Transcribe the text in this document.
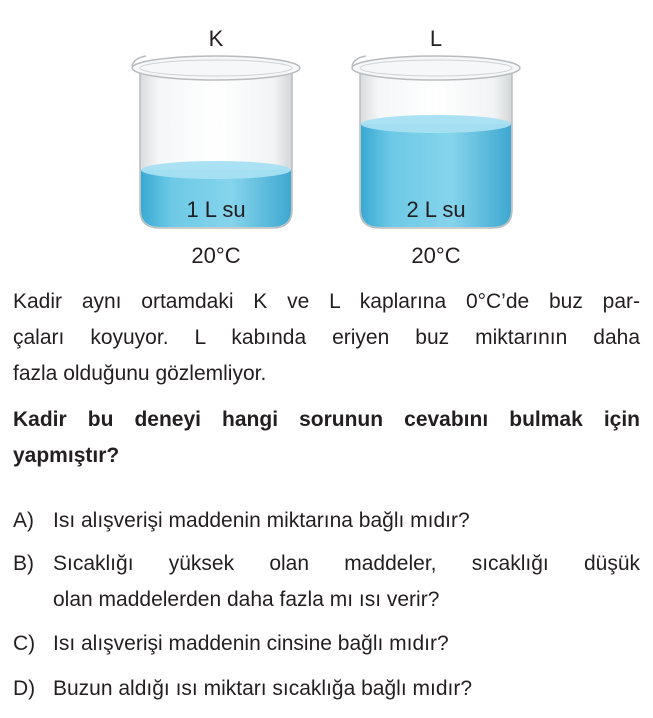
K	L
1 L su	2 L su
20°C	20°C
Kadir aynı ortamdaki K ve L kaplarına 0°C’de buz par-
çaları koyuyor. L kabında eriyen buz miktarının daha
fazla olduğunu gözlemliyor.
Kadir bu deneyi hangi sorunun cevabını bulmak için
yapmıştır?
A) Isı alışverişi maddenin miktarına bağlı mıdır?
B) Sıcaklığı yüksek olan maddeler, sıcaklığı düşük
olan maddelerden daha fazla mı ısı verir?
C) Isı alışverişi maddenin cinsine bağlı mıdır?
D) Buzun aldığı ısı miktarı sıcaklığa bağlı mıdır?
